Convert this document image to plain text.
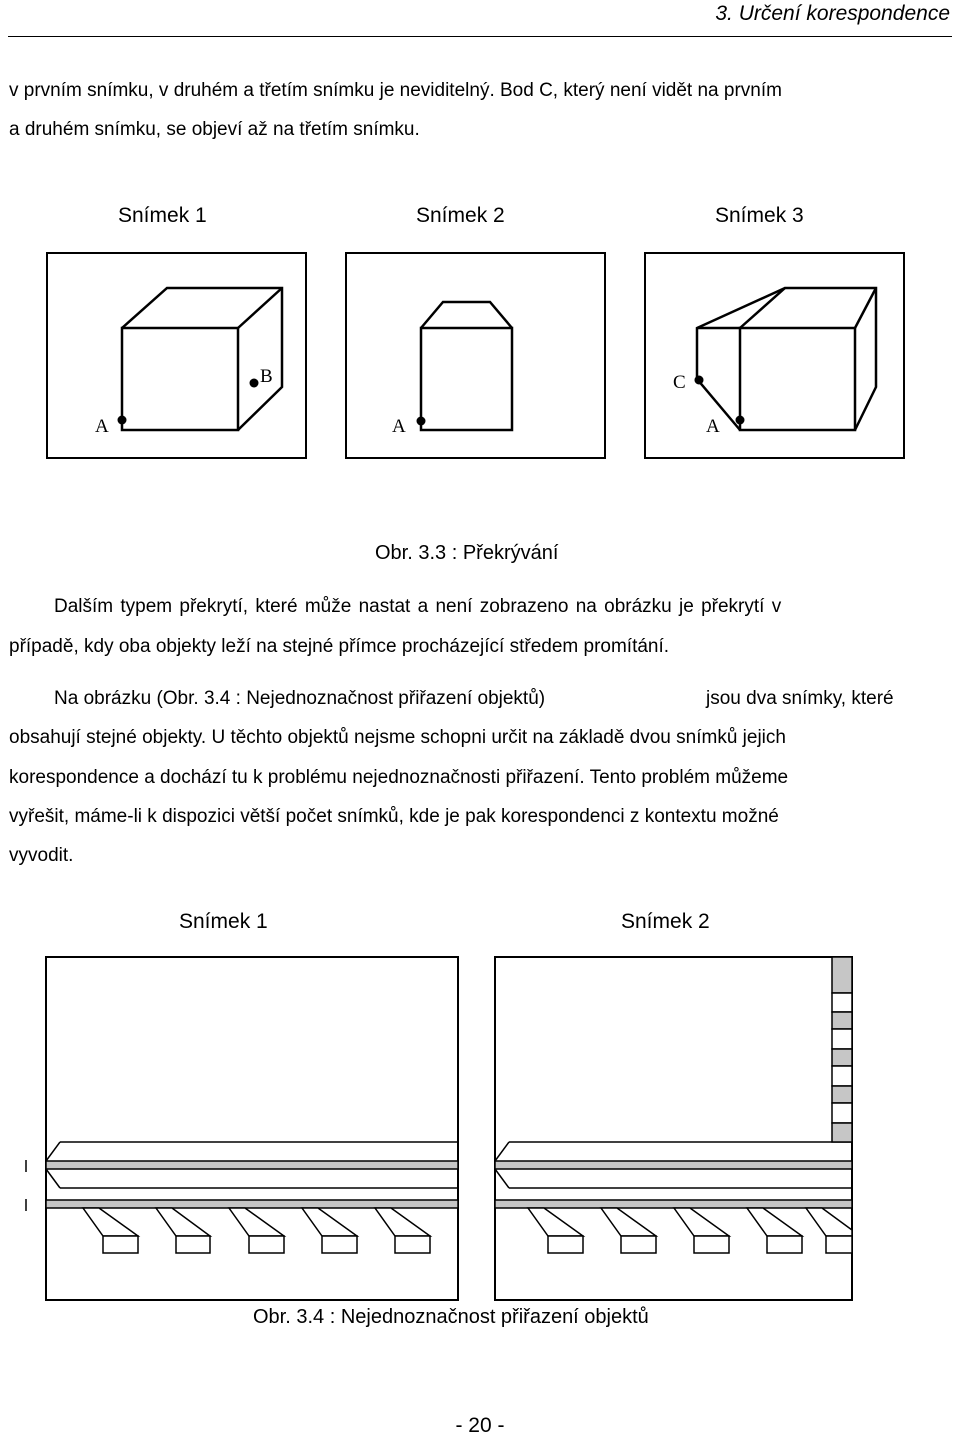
3. Určení korespondence
v prvním snímku, v druhém a třetím snímku je neviditelný. Bod C, který není vidět na prvním
a druhém snímku, se objeví až na třetím snímku.
Snímek 1	Snímek 2	Snímek 3
A
B
A
C
A
Obr. 3.3 : Překrývání
Dalším typem překrytí, které může nastat a není zobrazeno na obrázku je překrytí v
případě, kdy oba objekty leží na stejné přímce procházející středem promítání.
Na obrázku (Obr. 3.4 : Nejednoznačnost přiřazení objektů)	jsou dva snímky, které
obsahují stejné objekty. U těchto objektů nejsme schopni určit na základě dvou snímků jejich
korespondence a dochází tu k problému nejednoznačnosti přiřazení. Tento problém můžeme
vyřešit, máme-li k dispozici větší počet snímků, kde je pak korespondenci z kontextu možné
vyvodit.
Snímek 1	Snímek 2
Obr. 3.4 : Nejednoznačnost přiřazení objektů
- 20 -
